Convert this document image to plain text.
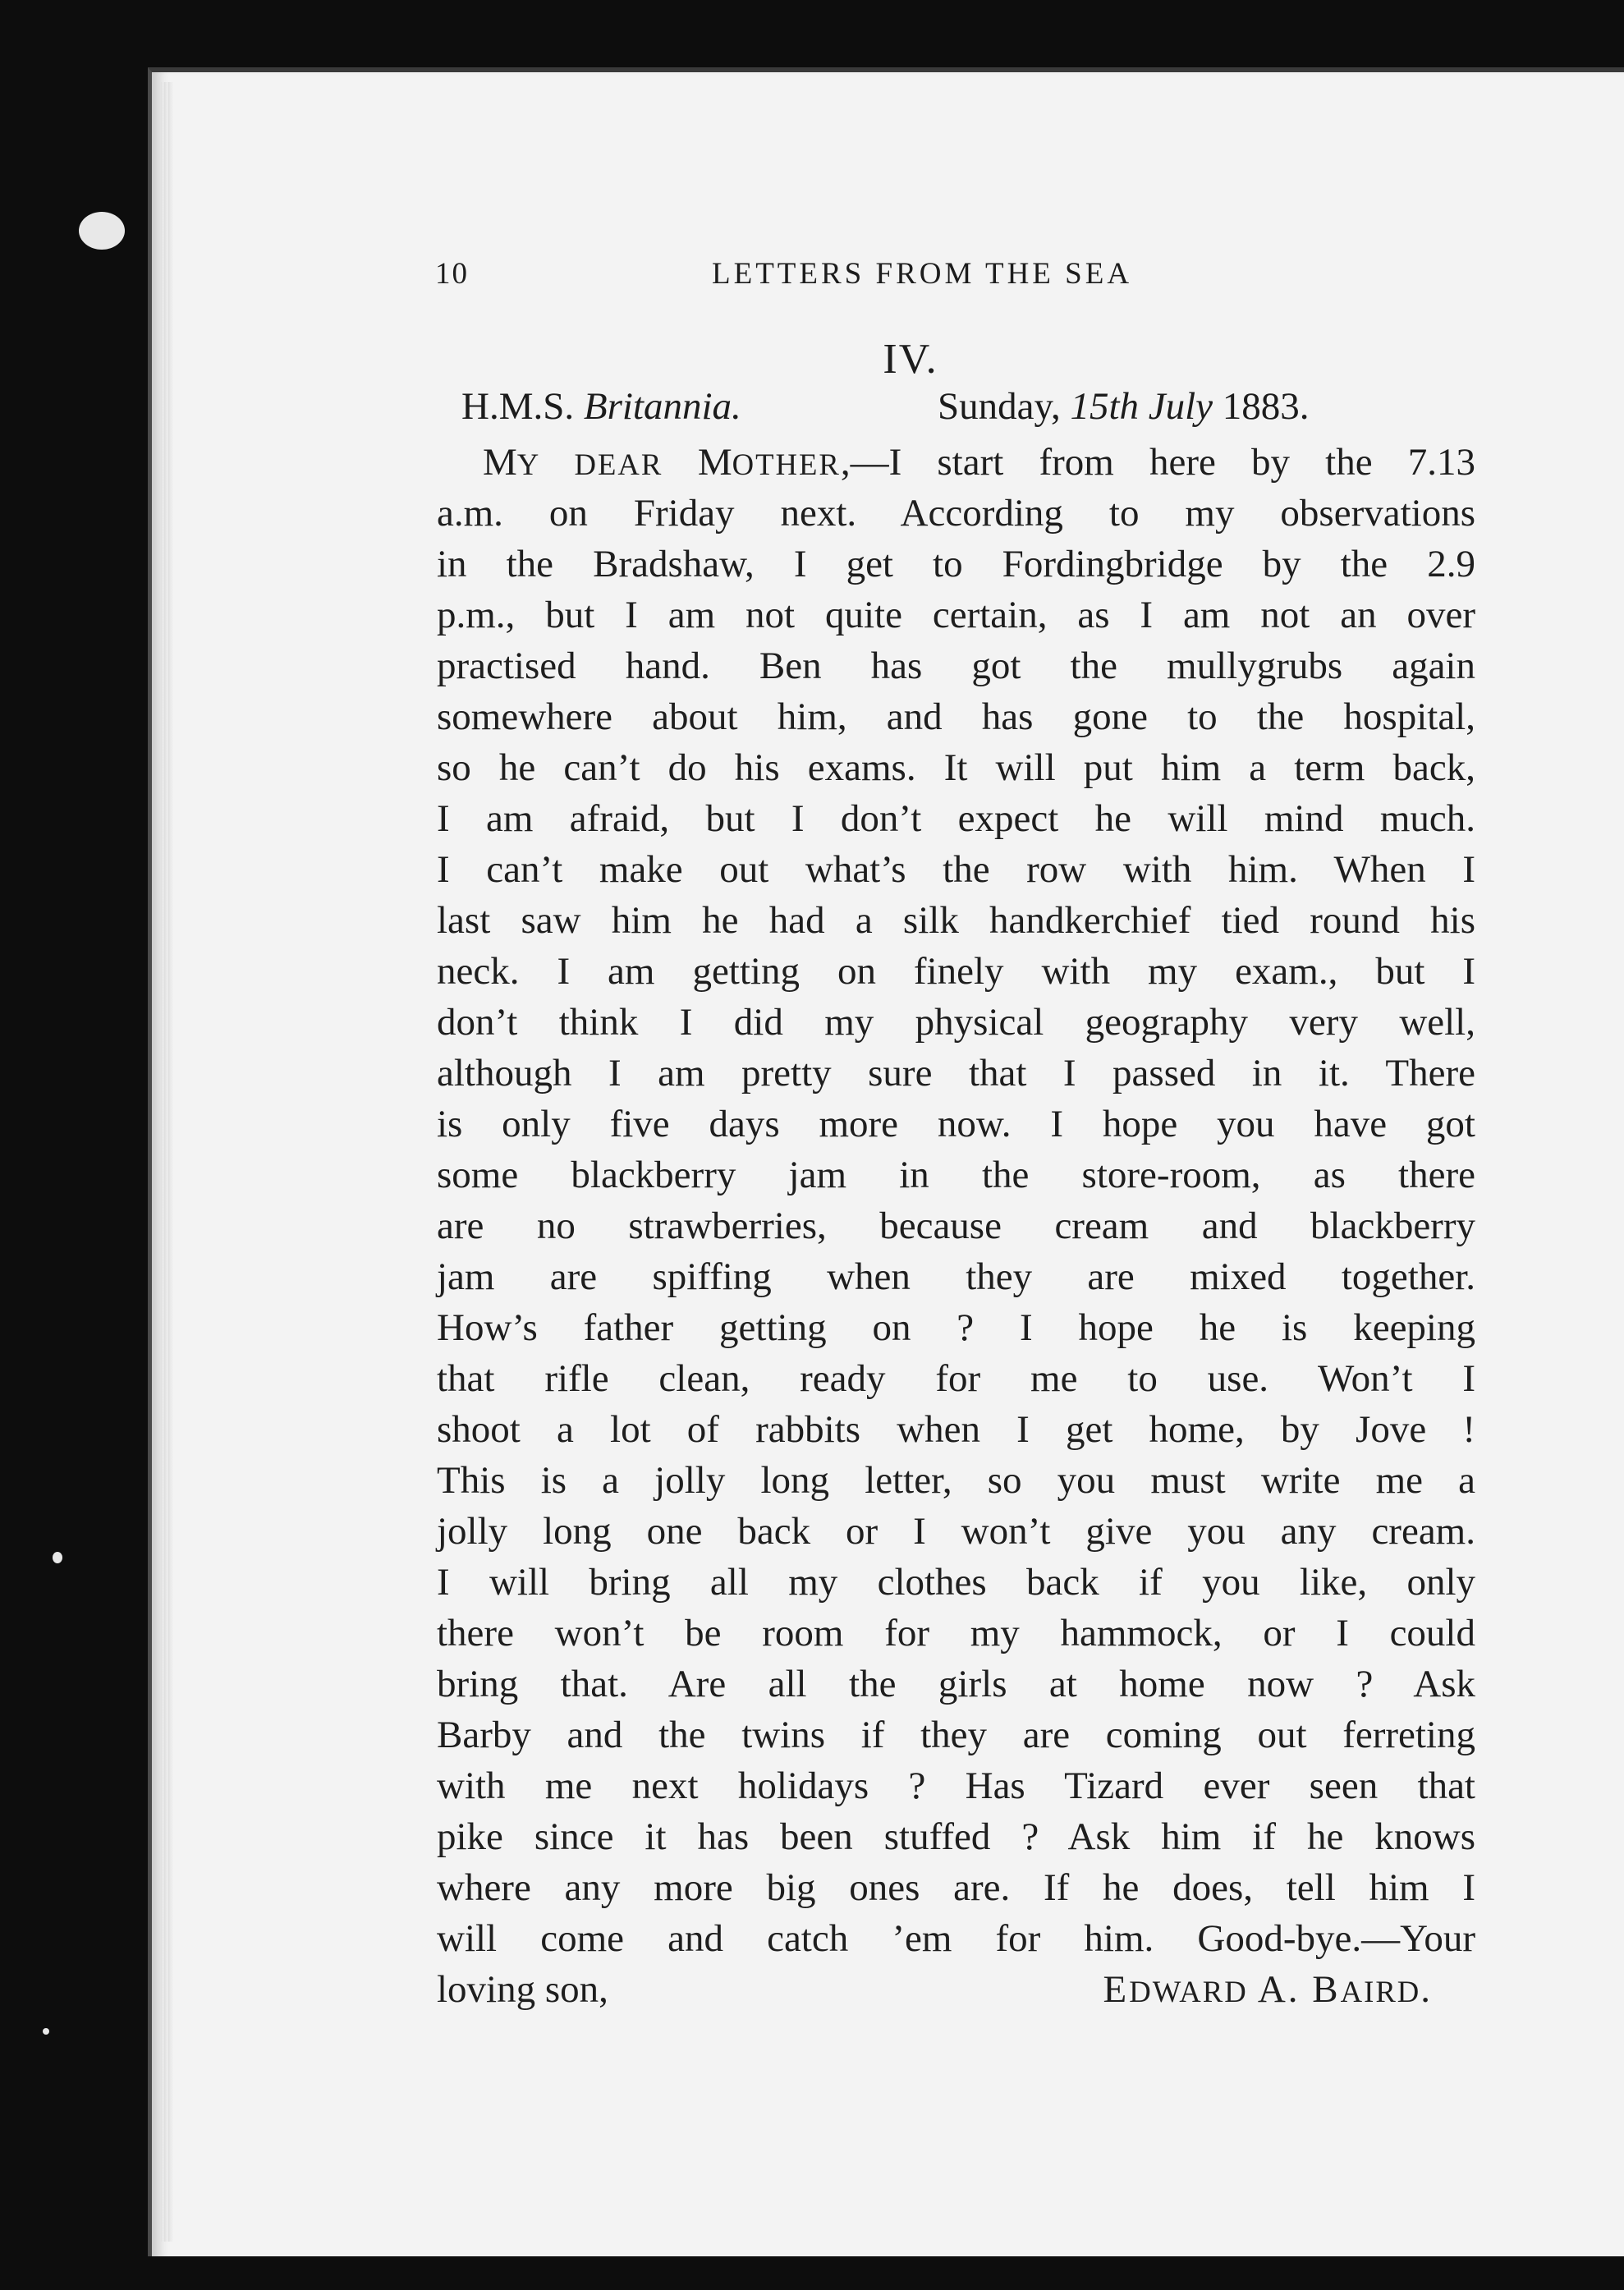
10	LETTERS FROM THE SEA
IV.
H.M.S. Britannia.	Sunday, 15th July 1883.
MY DEAR MOTHER,—I start from here by the 7.13
a.m. on Friday next. According to my observations
in the Bradshaw, I get to Fordingbridge by the 2.9
p.m., but I am not quite certain, as I am not an over
practised hand. Ben has got the mullygrubs again
somewhere about him, and has gone to the hospital,
so he can’t do his exams. It will put him a term back,
I am afraid, but I don’t expect he will mind much.
I can’t make out what’s the row with him. When I
last saw him he had a silk handkerchief tied round his
neck. I am getting on finely with my exam., but I
don’t think I did my physical geography very well,
although I am pretty sure that I passed in it. There
is only five days more now. I hope you have got
some blackberry jam in the store-room, as there
are no strawberries, because cream and blackberry
jam are spiffing when they are mixed together.
How’s father getting on ? I hope he is keeping
that rifle clean, ready for me to use. Won’t I
shoot a lot of rabbits when I get home, by Jove !
This is a jolly long letter, so you must write me a
jolly long one back or I won’t give you any cream.
I will bring all my clothes back if you like, only
there won’t be room for my hammock, or I could
bring that. Are all the girls at home now ? Ask
Barby and the twins if they are coming out ferreting
with me next holidays ? Has Tizard ever seen that
pike since it has been stuffed ? Ask him if he knows
where any more big ones are. If he does, tell him I
will come and catch ’em for him. Good-bye.—Your
loving son,	EDWARD A. BAIRD.
